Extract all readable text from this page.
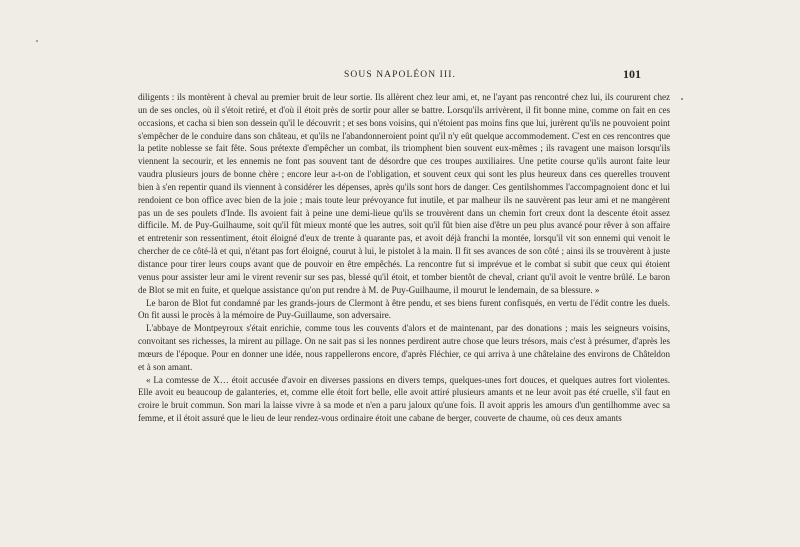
SOUS NAPOLÉON III.	101

diligents : ils montèrent à cheval au premier bruit de leur sortie. Ils allèrent chez leur ami, et, ne l'ayant pas rencontré chez lui, ils coururent chez un de ses oncles, où il s'étoit retiré, et d'où il étoit près de sortir pour aller se battre. Lorsqu'ils arrivèrent, il fit bonne mine, comme on fait en ces occasions, et cacha si bien son dessein qu'il le découvrit ; et ses bons voisins, qui n'étoient pas moins fins que lui, jurèrent qu'ils ne pouvoient point s'empêcher de le conduire dans son château, et qu'ils ne l'abandonneroient point qu'il n'y eût quelque accommodement. C'est en ces rencontres que la petite noblesse se fait fête. Sous prétexte d'empêcher un combat, ils triomphent bien souvent eux-mêmes ; ils ravagent une maison lorsqu'ils viennent la secourir, et les ennemis ne font pas souvent tant de désordre que ces troupes auxiliaires. Une petite course qu'ils auront faite leur vaudra plusieurs jours de bonne chère ; encore leur a-t-on de l'obligation, et souvent ceux qui sont les plus heureux dans ces querelles trouvent bien à s'en repentir quand ils viennent à considérer les dépenses, après qu'ils sont hors de danger. Ces gentilshommes l'accompagnoient donc et lui rendoient ce bon office avec bien de la joie ; mais toute leur prévoyance fut inutile, et par malheur ils ne sauvèrent pas leur ami et ne mangèrent pas un de ses poulets d'Inde. Ils avoient fait à peine une demi-lieue qu'ils se trouvèrent dans un chemin fort creux dont la descente étoit assez difficile. M. de Puy-Guilhaume, soit qu'il fût mieux monté que les autres, soit qu'il fût bien aise d'être un peu plus avancé pour rêver à son affaire et entretenir son ressentiment, étoit éloigné d'eux de trente à quarante pas, et avoit déjà franchi la montée, lorsqu'il vit son ennemi qui venoit le chercher de ce côté-là et qui, n'étant pas fort éloigné, courut à lui, le pistolet à la main. Il fit ses avances de son côté ; ainsi ils se trouvèrent à juste distance pour tirer leurs coups avant que de pouvoir en être empêchés. La rencontre fut si imprévue et le combat si subit que ceux qui étoient venus pour assister leur ami le virent revenir sur ses pas, blessé qu'il étoit, et tomber bientôt de cheval, criant qu'il avoit le ventre brûlé. Le baron de Blot se mit en fuite, et quelque assistance qu'on put rendre à M. de Puy-Guilhaume, il mourut le lendemain, de sa blessure. »

Le baron de Blot fut condamné par les grands-jours de Clermont à être pendu, et ses biens furent confisqués, en vertu de l'édit contre les duels. On fit aussi le procès à la mémoire de Puy-Guillaume, son adversaire.

L'abbaye de Montpeyroux s'était enrichie, comme tous les couvents d'alors et de maintenant, par des donations ; mais les seigneurs voisins, convoitant ses richesses, la mirent au pillage. On ne sait pas si les nonnes perdirent autre chose que leurs trésors, mais c'est à présumer, d'après les mœurs de l'époque. Pour en donner une idée, nous rappellerons encore, d'après Fléchier, ce qui arriva à une châtelaine des environs de Châteldon et à son amant.

« La comtesse de X… étoit accusée d'avoir en diverses passions en divers temps, quelques-unes fort douces, et quelques autres fort violentes. Elle avoit eu beaucoup de galanteries, et, comme elle étoit fort belle, elle avoit attiré plusieurs amants et ne leur avoit pas été cruelle, s'il faut en croire le bruit commun. Son mari la laisse vivre à sa mode et n'en a paru jaloux qu'une fois. Il avoit appris les amours d'un gentilhomme avec sa femme, et il étoit assuré que le lieu de leur rendez-vous ordinaire étoit une cabane de berger, couverte de chaume, où ces deux amants
